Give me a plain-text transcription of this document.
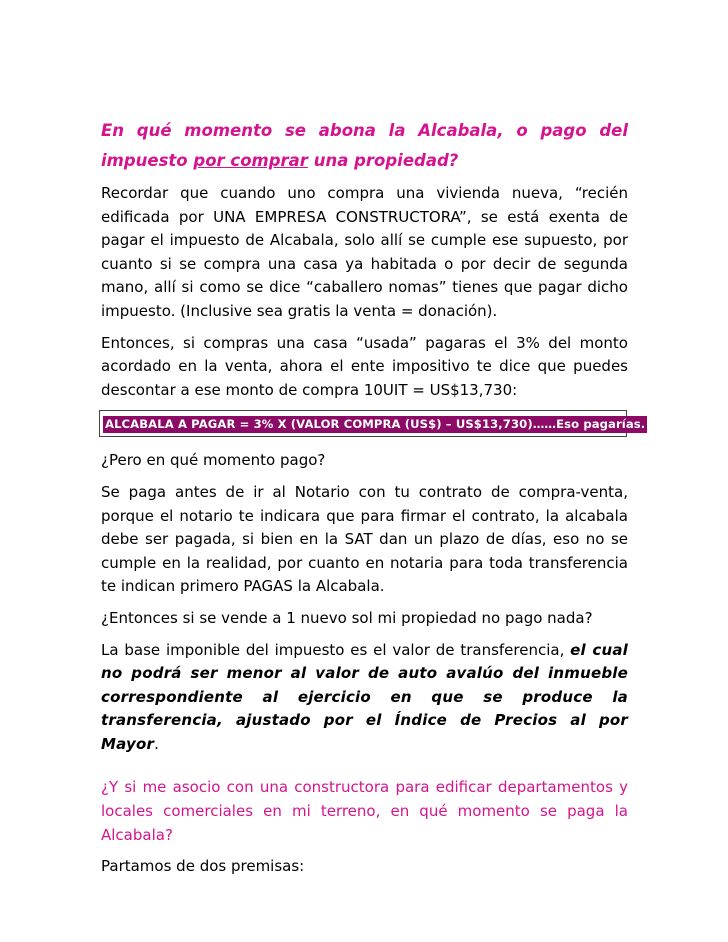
En qué momento se abona la Alcabala, o pago del impuesto por comprar una propiedad?

Recordar que cuando uno compra una vivienda nueva, “recién edificada por UNA EMPRESA CONSTRUCTORA”, se está exenta de pagar el impuesto de Alcabala, solo allí se cumple ese supuesto, por cuanto si se compra una casa ya habitada o por decir de segunda mano, allí si como se dice “caballero nomas” tienes que pagar dicho impuesto. (Inclusive sea gratis la venta = donación).

Entonces, si compras una casa “usada” pagaras el 3% del monto acordado en la venta, ahora el ente impositivo te dice que puedes descontar a ese monto de compra 10UIT = US$13,730:

ALCABALA A PAGAR = 3% X (VALOR COMPRA (US$) – US$13,730)……Eso pagarías.

¿Pero en qué momento pago?

Se paga antes de ir al Notario con tu contrato de compra-venta, porque el notario te indicara que para firmar el contrato, la alcabala debe ser pagada, si bien en la SAT dan un plazo de días, eso no se cumple en la realidad, por cuanto en notaria para toda transferencia te indican primero PAGAS la Alcabala.

¿Entonces si se vende a 1 nuevo sol mi propiedad no pago nada?

La base imponible del impuesto es el valor de transferencia, el cual no podrá ser menor al valor de auto avalúo del inmueble correspondiente al ejercicio en que se produce la transferencia, ajustado por el Índice de Precios al por Mayor.

¿Y si me asocio con una constructora para edificar departamentos y locales comerciales en mi terreno, en qué momento se paga la Alcabala?

Partamos de dos premisas:
